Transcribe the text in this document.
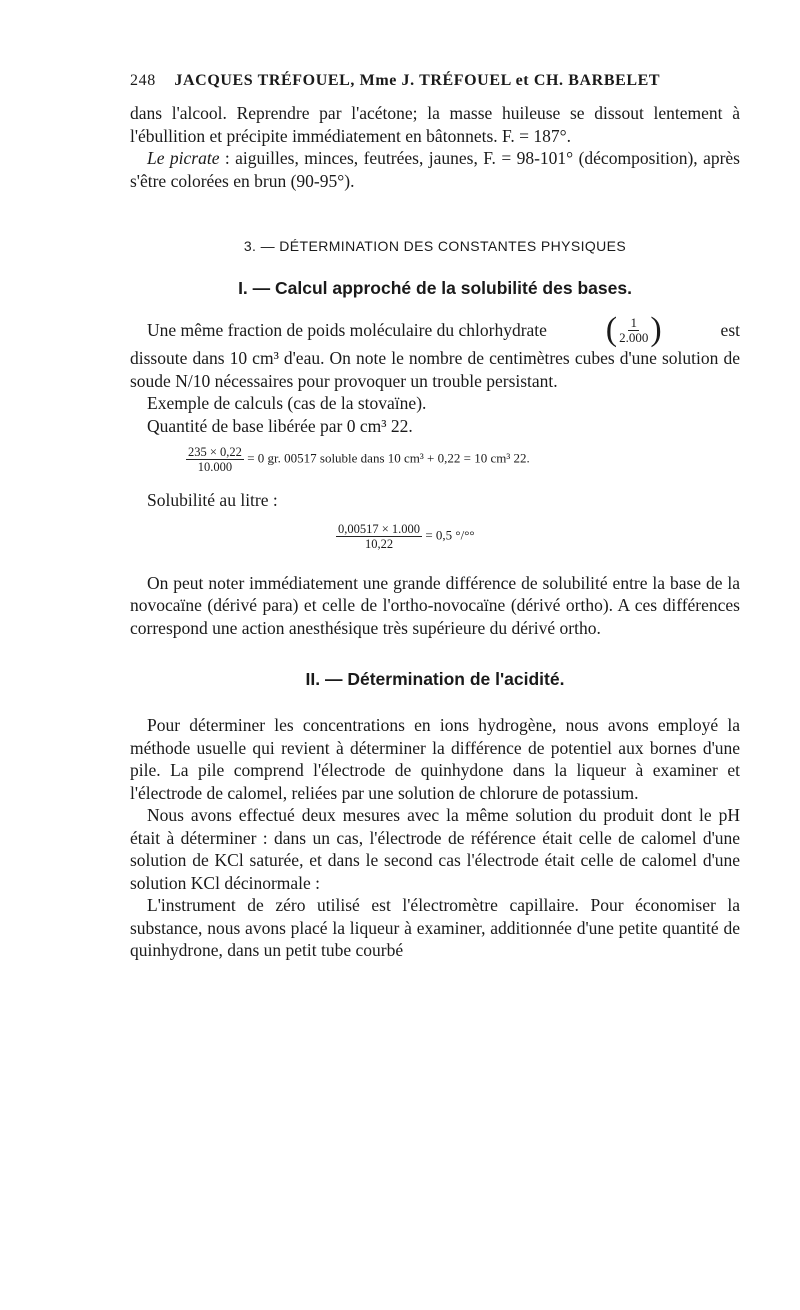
248 JACQUES TRÉFOUEL, Mme J. TRÉFOUEL et CH. BARBELET

dans l'alcool. Reprendre par l'acétone; la masse huileuse se dissout lentement à l'ébullition et précipite immédiatement en bâtonnets. F. = 187°.

Le picrate : aiguilles, minces, feutrées, jaunes, F. = 98-101° (décomposition), après s'être colorées en brun (90-95°).

3. — DÉTERMINATION DES CONSTANTES PHYSIQUES
I. — Calcul approché de la solubilité des bases.

Une même fraction de poids moléculaire du chlorhydrate ( $\frac{1}{2.000}$ )	est

dissoute dans 10 cm³ d'eau. On note le nombre de centimètres cubes d'une solution de soude N/10 nécessaires pour provoquer un trouble persistant.

Exemple de calculs (cas de la stovaïne).

Quantité de base libérée par 0 cm³ 22.

$\frac{235 \times 0,22}{10.000} = 0$ gr. 00517 soluble dans 10 cm³ + 0,22 = 10 cm³ 22.

Solubilité au litre :

$\frac{0,00517 \times 1.000}{10,22} = 0,5$ °/°°

On peut noter immédiatement une grande différence de solubilité entre la base de la novocaïne (dérivé para) et celle de l'ortho-novocaïne (dérivé ortho). A ces différences correspond une action anesthésique très supérieure du dérivé ortho.

II. — Détermination de l'acidité.

Pour déterminer les concentrations en ions hydrogène, nous avons employé la méthode usuelle qui revient à déterminer la différence de potentiel aux bornes d'une pile. La pile comprend l'électrode de quinhydone dans la liqueur à examiner et l'électrode de calomel, reliées par une solution de chlorure de potassium.

Nous avons effectué deux mesures avec la même solution du produit dont le pH était à déterminer : dans un cas, l'électrode de référence était celle de calomel d'une solution de KCl saturée, et dans le second cas l'électrode était celle de calomel d'une solution KCl décinormale :

L'instrument de zéro utilisé est l'électromètre capillaire. Pour économiser la substance, nous avons placé la liqueur à examiner, additionnée d'une petite quantité de quinhydrone, dans un petit tube courbé
